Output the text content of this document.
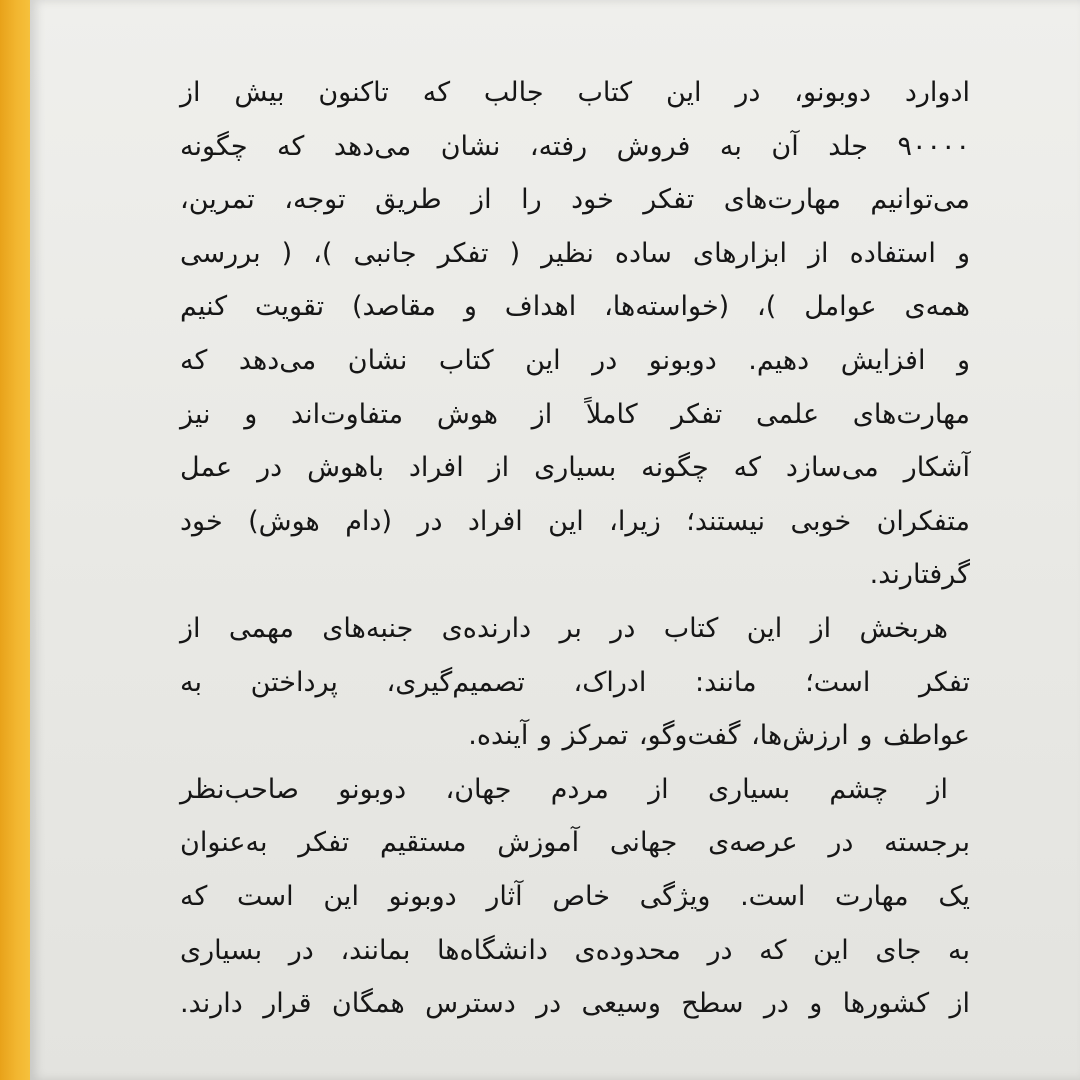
ادوارد دوبونو، در این کتاب جالب که تاکنون بیش از
۹۰۰۰۰ جلد آن به فروش رفته، نشان می‌دهد که چگونه
می‌توانیم مهارت‌های تفکر خود را از طریق توجه، تمرین،
و استفاده از ابزارهای ساده نظیر ( تفکر جانبی )، ( بررسی
همه‌ی عوامل )، (خواسته‌ها، اهداف و مقاصد) تقویت کنیم
و افزایش دهیم. دوبونو در این کتاب نشان می‌دهد که
مهارت‌های علمی تفکر کاملاً از هوش متفاوت‌اند و نیز
آشکار می‌سازد که چگونه بسیاری از افراد باهوش در عمل
متفکران خوبی نیستند؛ زیرا، این افراد در (دام هوش) خود
گرفتارند.
هربخش از این کتاب در بر دارنده‌ی جنبه‌های مهمی از
تفکر است؛ مانند: ادراک، تصمیم‌گیری، پرداختن به
عواطف و ارزش‌ها، گفت‌وگو، تمرکز و آینده.
از چشم بسیاری از مردم جهان، دوبونو صاحب‌نظر
برجسته در عرصه‌ی جهانی آموزش مستقیم تفکر به‌عنوان
یک مهارت است. ویژگی خاص آثار دوبونو این است که
به جای این که در محدوده‌ی دانشگاه‌ها بمانند، در بسیاری
از کشورها و در سطح وسیعی در دسترس همگان قرار دارند.
